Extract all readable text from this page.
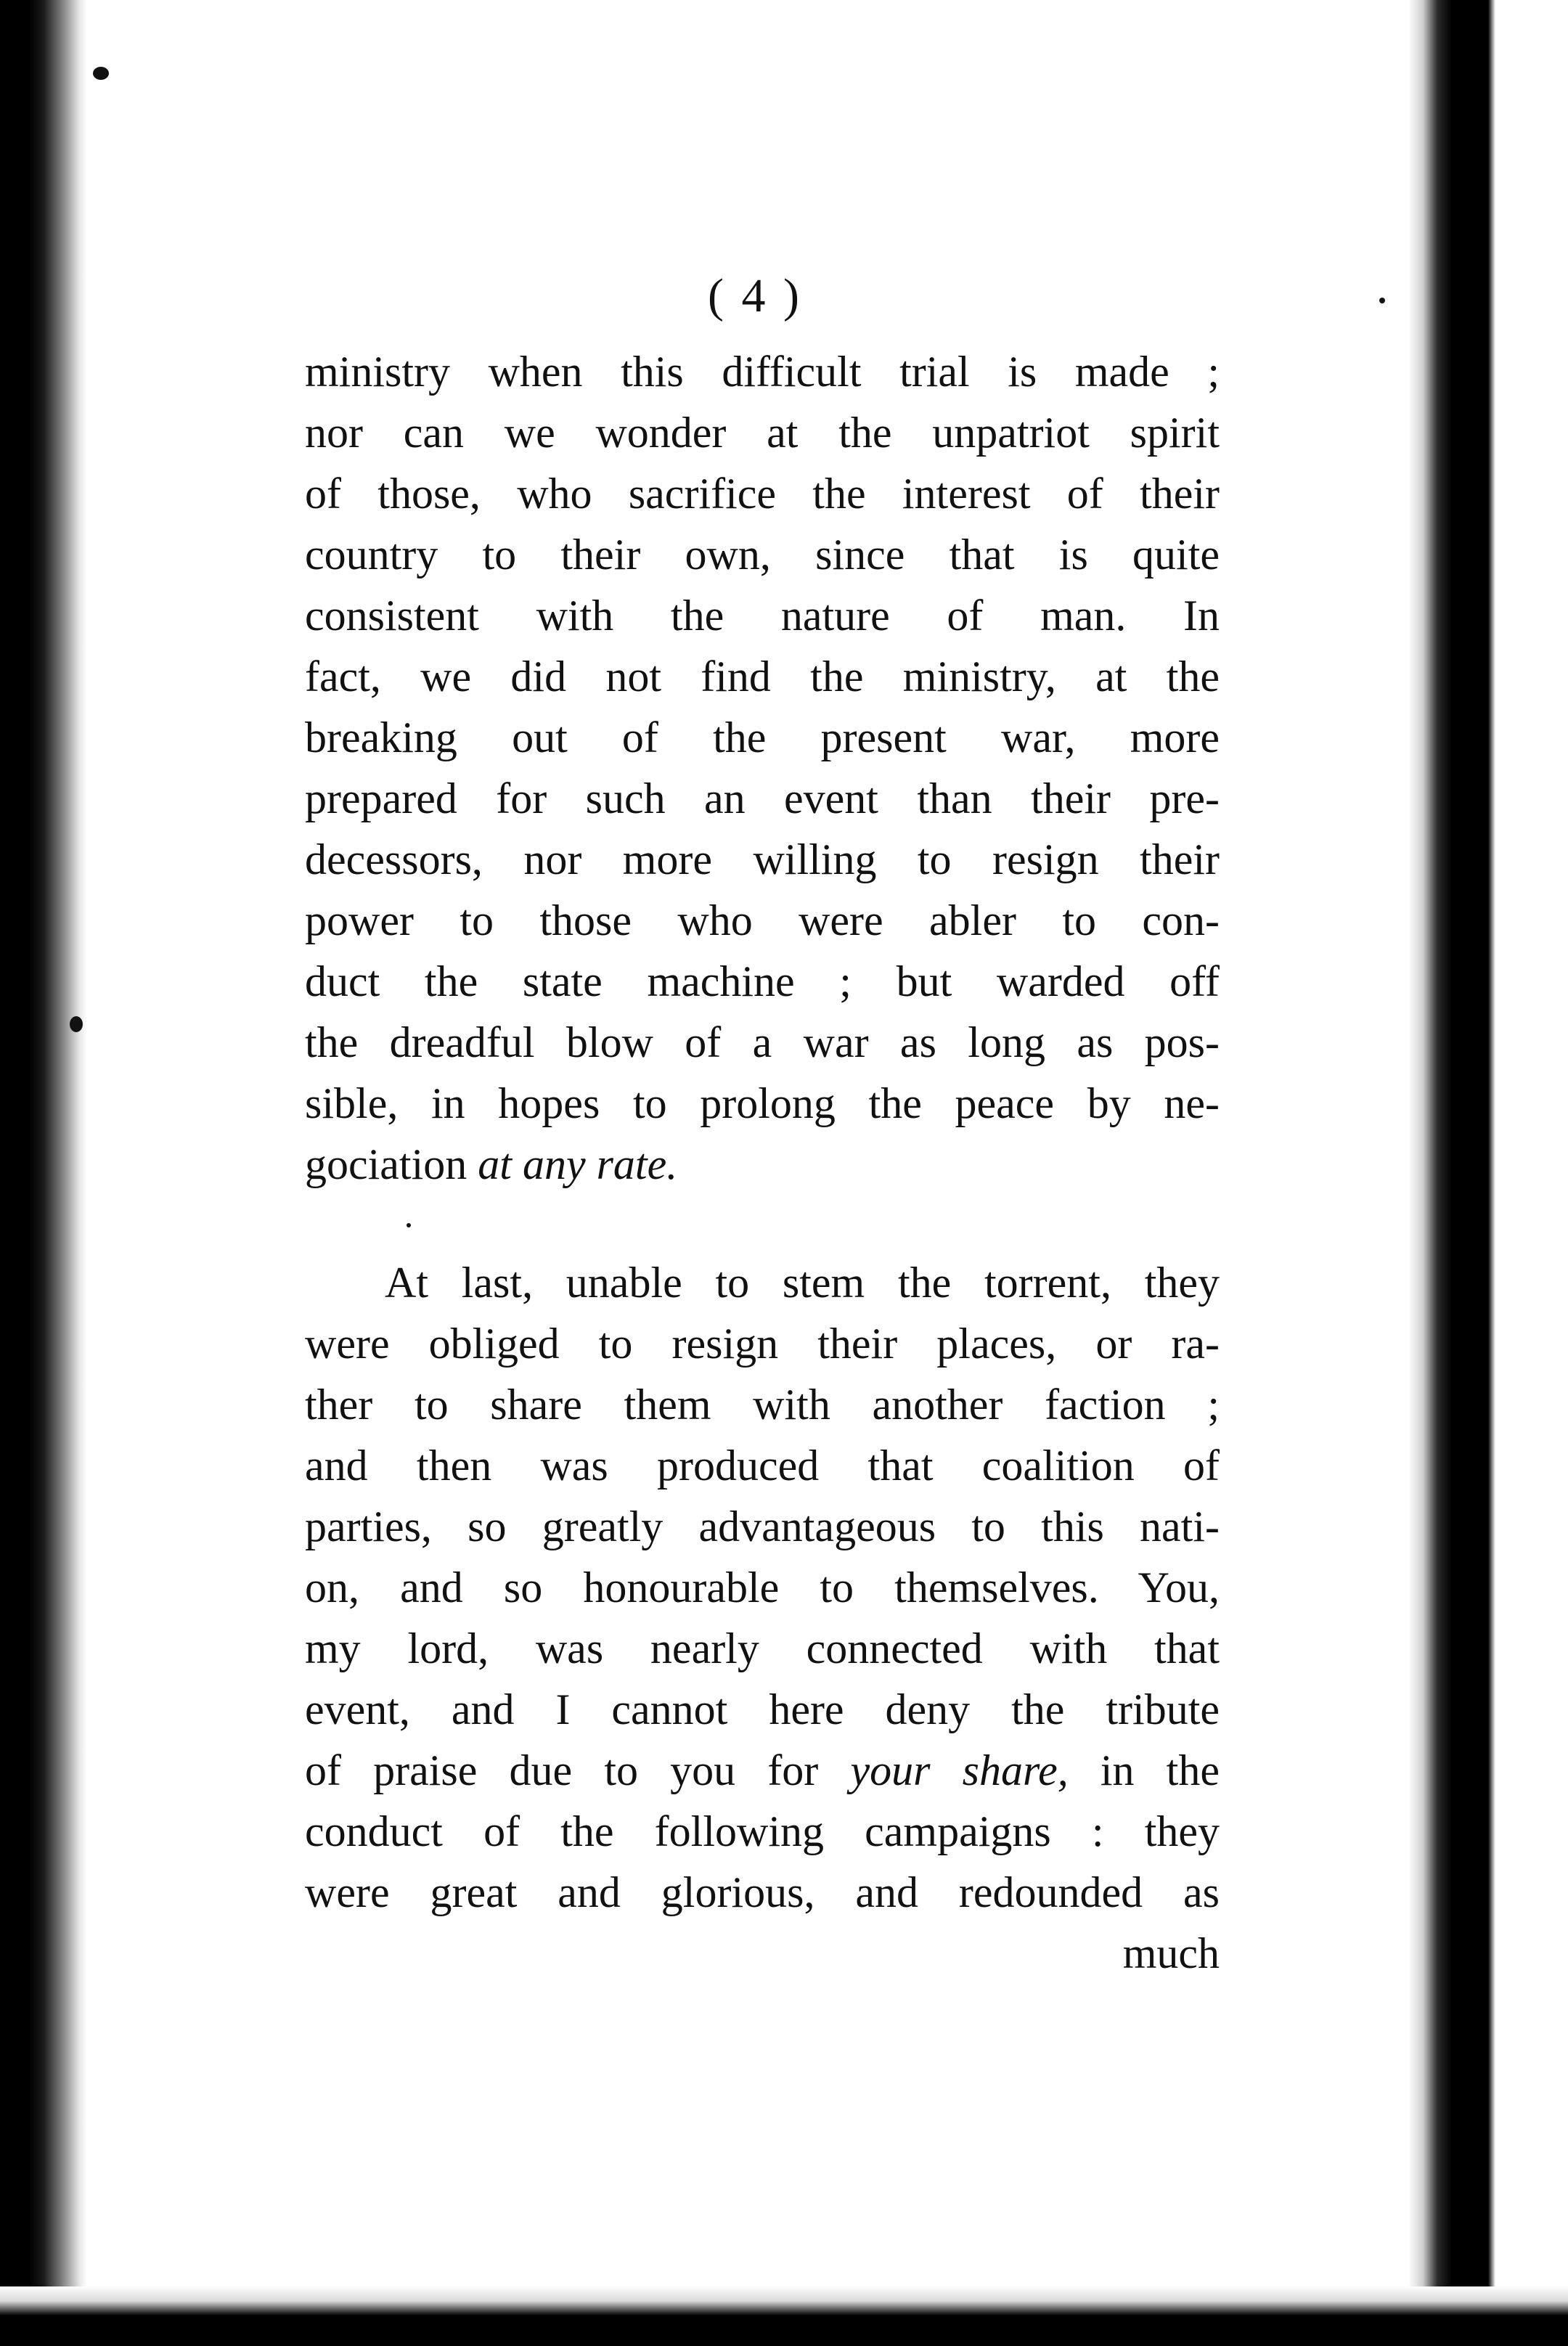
( 4 )
ministry when this difficult trial is made ;
nor can we wonder at the unpatriot spirit
of those, who sacrifice the interest of their
country to their own, since that is quite
consistent with the nature of man. In
fact, we did not find the ministry, at the
breaking out of the present war, more
prepared for such an event than their pre-
decessors, nor more willing to resign their
power to those who were abler to con-
duct the state machine ; but warded off
the dreadful blow of a war as long as pos-
sible, in hopes to prolong the peace by ne-
gociation at any rate.
At last, unable to stem the torrent, they
were obliged to resign their places, or ra-
ther to share them with another faction ;
and then was produced that coalition of
parties, so greatly advantageous to this nati-
on, and so honourable to themselves. You,
my lord, was nearly connected with that
event, and I cannot here deny the tribute
of praise due to you for your share, in the
conduct of the following campaigns : they
were great and glorious, and redounded as
much
